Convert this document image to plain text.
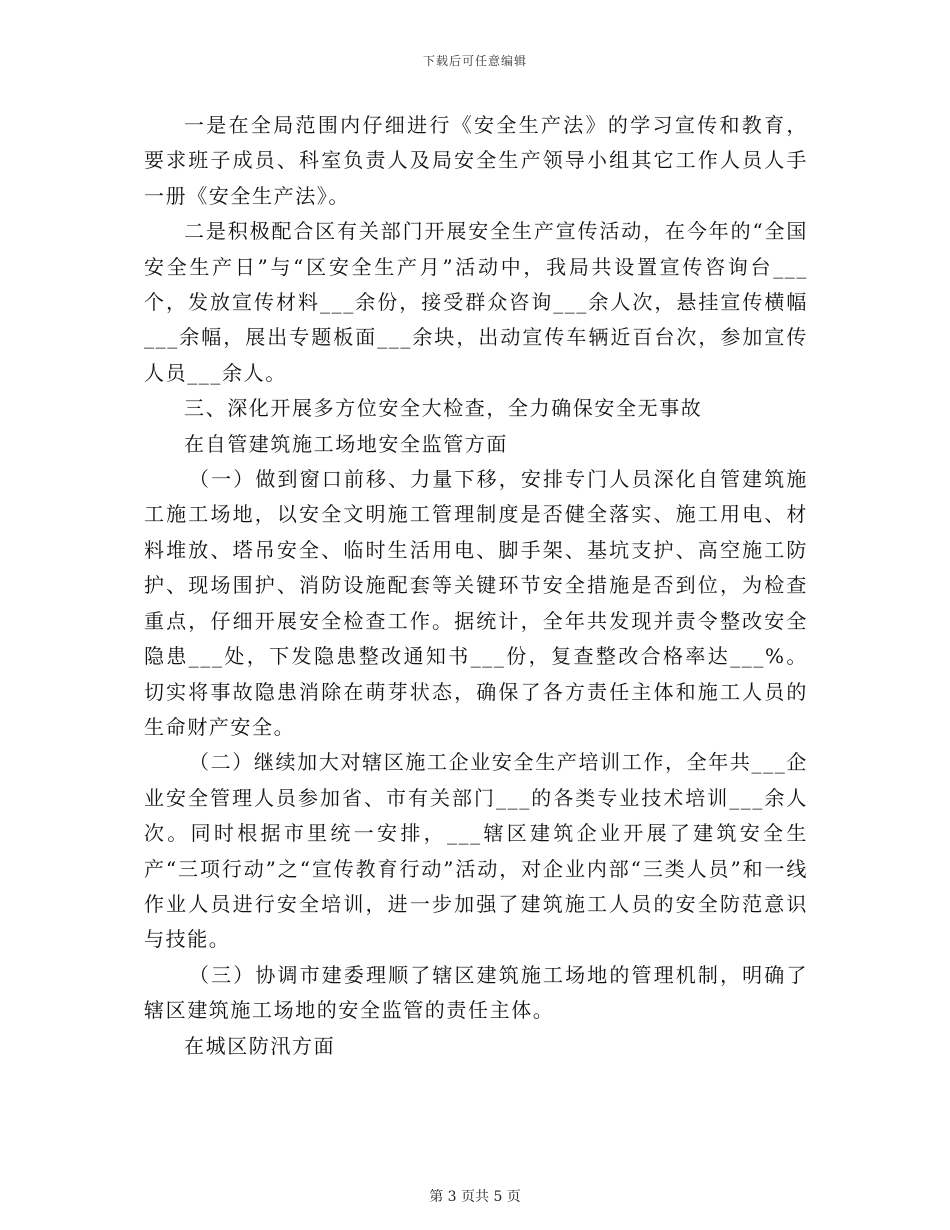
下载后可任意编辑

一是在全局范围内仔细进行《安全生产法》的学习宣传和教育，要求班子成员、科室负责人及局安全生产领导小组其它工作人员人手一册《安全生产法》。

二是积极配合区有关部门开展安全生产宣传活动，在今年的“全国安全生产日”与“区安全生产月”活动中，我局共设置宣传咨询台___个，发放宣传材料___余份，接受群众咨询___余人次，悬挂宣传横幅___余幅，展出专题板面___余块，出动宣传车辆近百台次，参加宣传人员___余人。

三、深化开展多方位安全大检查，全力确保安全无事故

在自管建筑施工场地安全监管方面

（一）做到窗口前移、力量下移，安排专门人员深化自管建筑施工施工场地，以安全文明施工管理制度是否健全落实、施工用电、材料堆放、塔吊安全、临时生活用电、脚手架、基坑支护、高空施工防护、现场围护、消防设施配套等关键环节安全措施是否到位，为检查重点，仔细开展安全检查工作。据统计，全年共发现并责令整改安全隐患___处，下发隐患整改通知书___份，复查整改合格率达___%。切实将事故隐患消除在萌芽状态，确保了各方责任主体和施工人员的生命财产安全。

（二）继续加大对辖区施工企业安全生产培训工作，全年共___企业安全管理人员参加省、市有关部门___的各类专业技术培训___余人次。同时根据市里统一安排，___辖区建筑企业开展了建筑安全生产“三项行动”之“宣传教育行动”活动，对企业内部“三类人员”和一线作业人员进行安全培训，进一步加强了建筑施工人员的安全防范意识与技能。

（三）协调市建委理顺了辖区建筑施工场地的管理机制，明确了辖区建筑施工场地的安全监管的责任主体。

在城区防汛方面

第 3 页共 5 页
